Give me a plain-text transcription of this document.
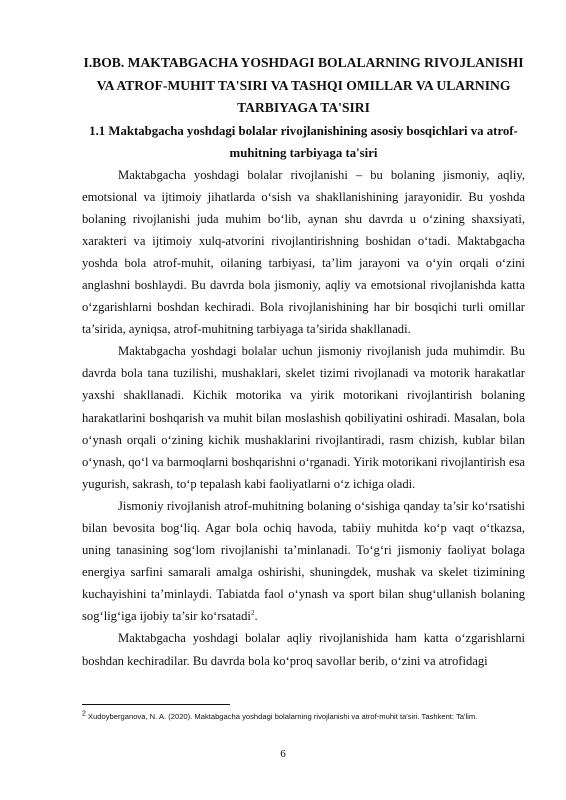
​

I.BOB. MAKTABGACHA YOSHDAGI BOLALARNING RIVOJLANISHI VA ATROF-MUHIT TA'SIRI VA TASHQI OMILLAR VA ULARNING TARBIYAGA TA'SIRI

1.1 Maktabgacha yoshdagi bolalar rivojlanishining asosiy bosqichlari va atrof-muhitning tarbiyaga ta'siri

Maktabgacha yoshdagi bolalar rivojlanishi – bu bolaning jismoniy, aqliy, emotsional va ijtimoiy jihatlarda o‘sish va shakllanishining jarayonidir. Bu yoshda bolaning rivojlanishi juda muhim bo‘lib, aynan shu davrda u o‘zining shaxsiyati, xarakteri va ijtimoiy xulq-atvorini rivojlantirishning boshidan o‘tadi. Maktabgacha yoshda bola atrof-muhit, oilaning tarbiyasi, ta’lim jarayoni va o‘yin orqali o‘zini anglashni boshlaydi. Bu davrda bola jismoniy, aqliy va emotsional rivojlanishda katta o‘zgarishlarni boshdan kechiradi. Bola rivojlanishining har bir bosqichi turli omillar ta’sirida, ayniqsa, atrof-muhitning tarbiyaga ta’sirida shakllanadi.

Maktabgacha yoshdagi bolalar uchun jismoniy rivojlanish juda muhimdir. Bu davrda bola tana tuzilishi, mushaklari, skelet tizimi rivojlanadi va motorik harakatlar yaxshi shakllanadi. Kichik motorika va yirik motorikani rivojlantirish bolaning harakatlarini boshqarish va muhit bilan moslashish qobiliyatini oshiradi. Masalan, bola o‘ynash orqali o‘zining kichik mushaklarini rivojlantiradi, rasm chizish, kublar bilan o‘ynash, qo‘l va barmoqlarni boshqarishni o‘rganadi. Yirik motorikani rivojlantirish esa yugurish, sakrash, to‘p tepalash kabi faoliyatlarni o‘z ichiga oladi.

Jismoniy rivojlanish atrof-muhitning bolaning o‘sishiga qanday ta’sir ko‘rsatishi bilan bevosita bog‘liq. Agar bola ochiq havoda, tabiiy muhitda ko‘p vaqt o‘tkazsa, uning tanasining sog‘lom rivojlanishi ta’minlanadi. To‘g‘ri jismoniy faoliyat bolaga energiya sarfini samarali amalga oshirishi, shuningdek, mushak va skelet tizimining kuchayishini ta’minlaydi. Tabiatda faol o‘ynash va sport bilan shug‘ullanish bolaning sog‘lig‘iga ijobiy ta’sir ko‘rsatadi$^2$.

Maktabgacha yoshdagi bolalar aqliy rivojlanishida ham katta o‘zgarishlarni boshdan kechiradilar. Bu davrda bola ko‘proq savollar berib, o‘zini va atrofidagi

$^2$ Xudoyberganova, N. A. (2020). Maktabgacha yoshdagi bolalarning rivojlanishi va atrof-muhit ta'siri. Tashkent: Ta'lim.

6
